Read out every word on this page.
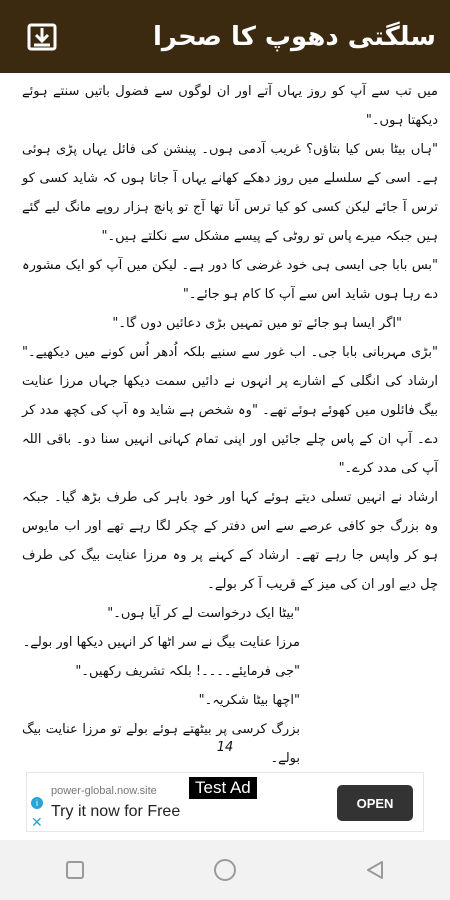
سلگتی دھوپ کا صحرا

میں تب سے آپ کو روز یہاں آتے اور ان لوگوں سے فضول باتیں سنتے ہوئے دیکھتا ہوں۔"

"ہاں بیٹا بس کیا بتاؤں؟ غریب آدمی ہوں۔ پینشن کی فائل یہاں پڑی ہوئی ہے۔ اسی کے سلسلے میں روز دھکے کھانے یہاں آ جاتا ہوں کہ شاید کسی کو ترس آ جائے لیکن کسی کو کیا ترس آنا تھا آج تو پانچ ہزار روپے مانگ لیے گئے ہیں جبکہ میرے پاس تو روٹی کے پیسے مشکل سے نکلتے ہیں۔"

"بس بابا جی ایسی ہی خود غرضی کا دور ہے۔ لیکن میں آپ کو ایک مشورہ دے رہا ہوں شاید اس سے آپ کا کام ہو جائے۔"

"اگر ایسا ہو جائے تو میں تمہیں بڑی دعائیں دوں گا۔"

"بڑی مہربانی بابا جی۔ اب غور سے سنیے بلکہ اُدھر اُس کونے میں دیکھیے۔" ارشاد کی انگلی کے اشارے پر انہوں نے دائیں سمت دیکھا جہاں مرزا عنایت بیگ فائلوں میں کھوئے ہوئے تھے۔ "وہ شخص ہے شاید وہ آپ کی کچھ مدد کر دے۔ آپ ان کے پاس چلے جائیں اور اپنی تمام کہانی انہیں سنا دو۔ باقی اللہ آپ کی مدد کرے۔"

ارشاد نے انہیں تسلی دیتے ہوئے کہا اور خود باہر کی طرف بڑھ گیا۔ جبکہ وہ بزرگ جو کافی عرصے سے اس دفتر کے چکر لگا رہے تھے اور اب مایوس ہو کر واپس جا رہے تھے۔ ارشاد کے کہنے پر وہ مرزا عنایت بیگ کی طرف چل دیے اور ان کی میز کے قریب آ کر بولے۔

"بیٹا ایک درخواست لے کر آیا ہوں۔"

مرزا عنایت بیگ نے سر اٹھا کر انہیں دیکھا اور بولے۔

"جی فرمایئے۔۔۔۔! بلکہ تشریف رکھیں۔"

"اچھا بیٹا شکریہ۔"

بزرگ کرسی پر بیٹھتے ہوئے بولے تو مرزا عنایت بیگ بولے۔

14
i
✕
power-global.now.site
Try it now for Free
Test Ad
OPEN
